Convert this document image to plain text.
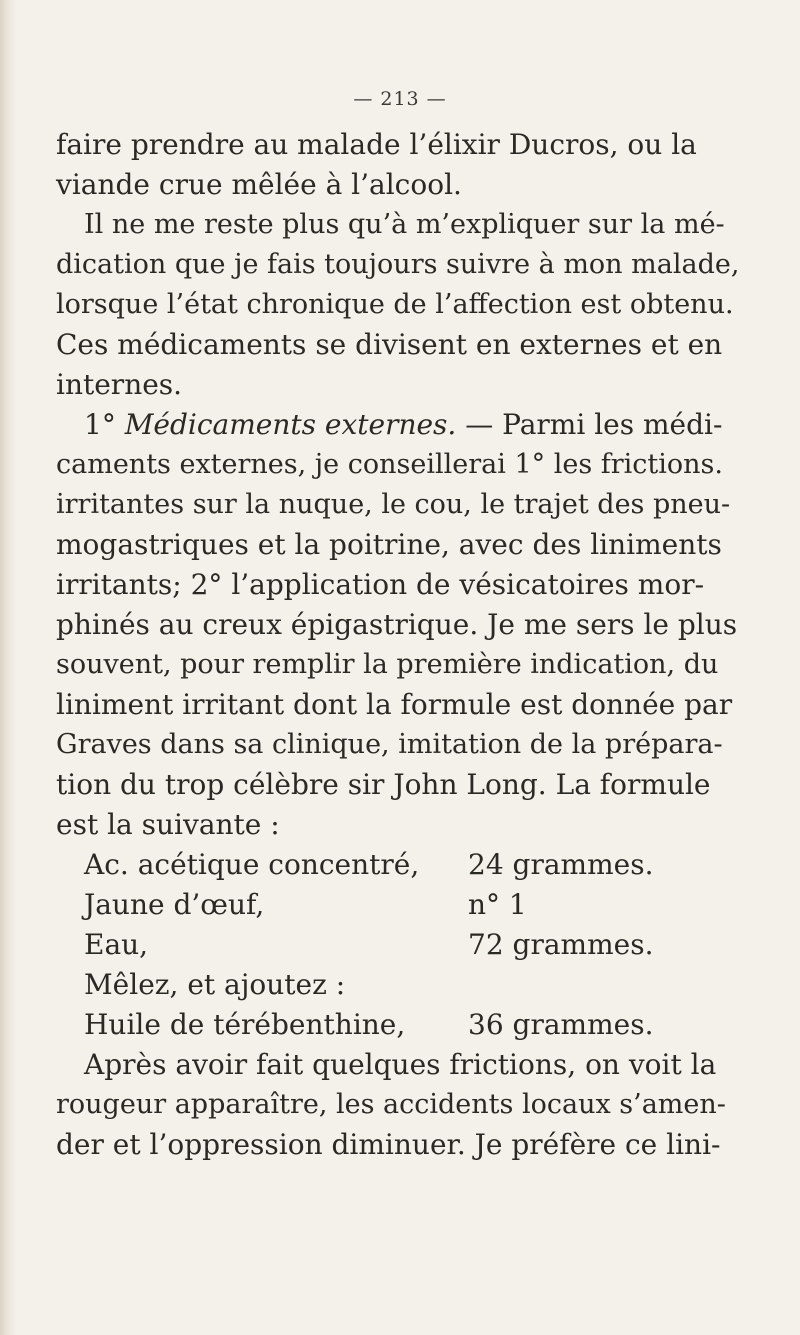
— 213 —
faire prendre au malade l’élixir Ducros, ou la
viande crue mêlée à l’alcool.
Il ne me reste plus qu’à m’expliquer sur la mé-
dication que je fais toujours suivre à mon malade,
lorsque l’état chronique de l’affection est obtenu.
Ces médicaments se divisent en externes et en
internes.
1° Médicaments externes. — Parmi les médi-
caments externes, je conseillerai 1° les frictions.
irritantes sur la nuque, le cou, le trajet des pneu-
mogastriques et la poitrine, avec des liniments
irritants; 2° l’application de vésicatoires mor-
phinés au creux épigastrique. Je me sers le plus
souvent, pour remplir la première indication, du
liniment irritant dont la formule est donnée par
Graves dans sa clinique, imitation de la prépara-
tion du trop célèbre sir John Long. La formule
est la suivante :
Ac. acétique concentré, 24 grammes.
Jaune d’œuf,	n° 1
Eau,	72 grammes.
Mêlez, et ajoutez :
Huile de térébenthine, 36 grammes.
Après avoir fait quelques frictions, on voit la
rougeur apparaître, les accidents locaux s’amen-
der et l’oppression diminuer. Je préfère ce lini-
